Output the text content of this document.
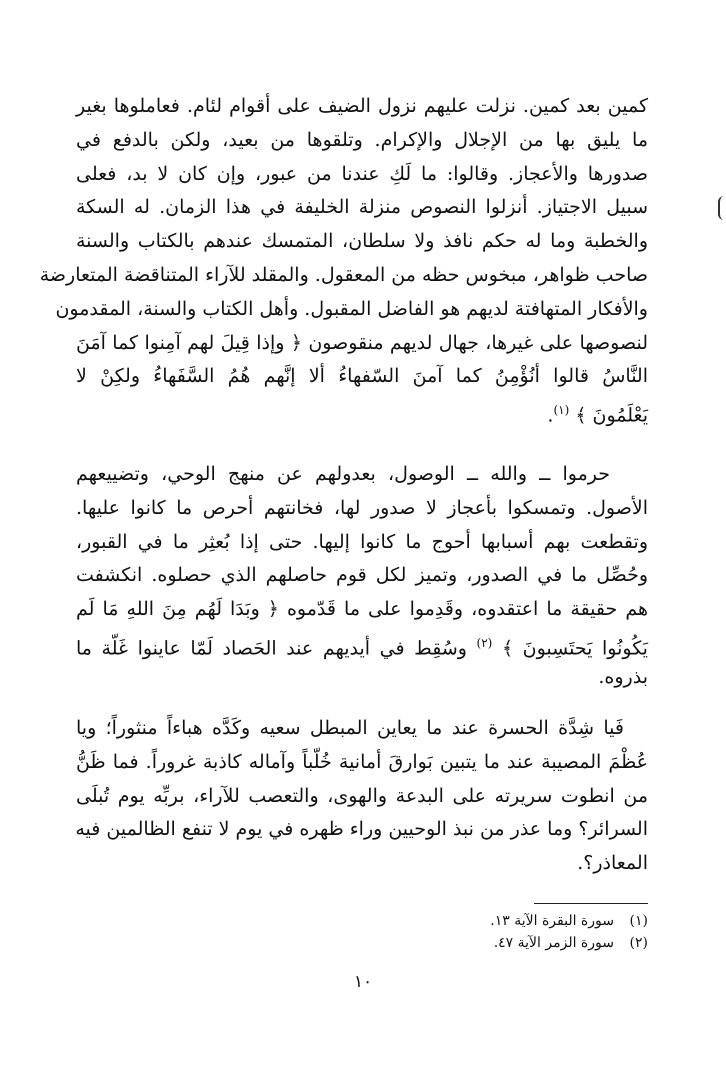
كمين بعد كمين. نزلت عليهم نزول الضيف على أقوام لئام. فعاملوها بغير
ما يليق بها من الإجلال والإكرام. وتلقوها من بعيد، ولكن بالدفع في
صدورها والأعجاز. وقالوا: ما لَكِ عندنا من عبور، وإن كان لا بد، فعلى
سبيل الاجتياز. أنزلوا النصوص منزلة الخليفة في هذا الزمان. له السكة
والخطبة وما له حكم نافذ ولا سلطان، المتمسك عندهم بالكتاب والسنة
صاحب ظواهر، مبخوس حظه من المعقول. والمقلد للآراء المتناقضة المتعارضة
والأفكار المتهافتة لديهم هو الفاضل المقبول. وأهل الكتاب والسنة، المقدمون
لنصوصها على غيرها، جهال لديهم منقوصون ﴿ وإذا قِيلَ لهم آمِنوا كما آمَنَ
النَّاسُ قالوا أنُؤْمِنُ كما آمنَ السّفهاءُ ألا إنَّهم هُمُ السَّفَهاءُ ولكِنْ لا
يَعْلَمُونَ ﴾ $^{(١)}$.
حرموا ــ والله ــ الوصول، بعدولهم عن منهج الوحي، وتضييعهم
الأصول. وتمسكوا بأعجاز لا صدور لها، فخانتهم أحرص ما كانوا عليها.
وتقطعت بهم أسبابها أحوج ما كانوا إليها. حتى إذا بُعثِر ما في القبور،
وحُصِّل ما في الصدور، وتميز لكل قوم حاصلهم الذي حصلوه. انكشفت
هم حقيقة ما اعتقدوه، وقَدِموا على ما قَدّموه ﴿ وبَدَا لَهُم مِنَ اللهِ مَا لَم
يَكُونُوا يَحتَسِبونَ ﴾ $^{(٢)}$ وسُقِط في أيديهم عند الحَصاد لَمّا عاينوا غَلّة ما
بذروه.
فَيا شِدَّة الحسرة عند ما يعاين المبطل سعيه وكَدَّه هباءاً منثوراً؛ ويا
عُظْمَ المصيبة عند ما يتبين بَوارقَ أمانية خُلّباً وآماله كاذبة غروراً. فما ظَنُّ
من انطوت سريرته على البدعة والهوى، والتعصب للآراء، بربِّه يوم تُبلَى
السرائر؟ وما عذر من نبذ الوحيين وراء ظهره في يوم لا تنفع الظالمين فيه
المعاذر؟.
(١)سورة البقرة الآية ١٣.
(٢)سورة الزمر الآية ٤٧.
١٠
